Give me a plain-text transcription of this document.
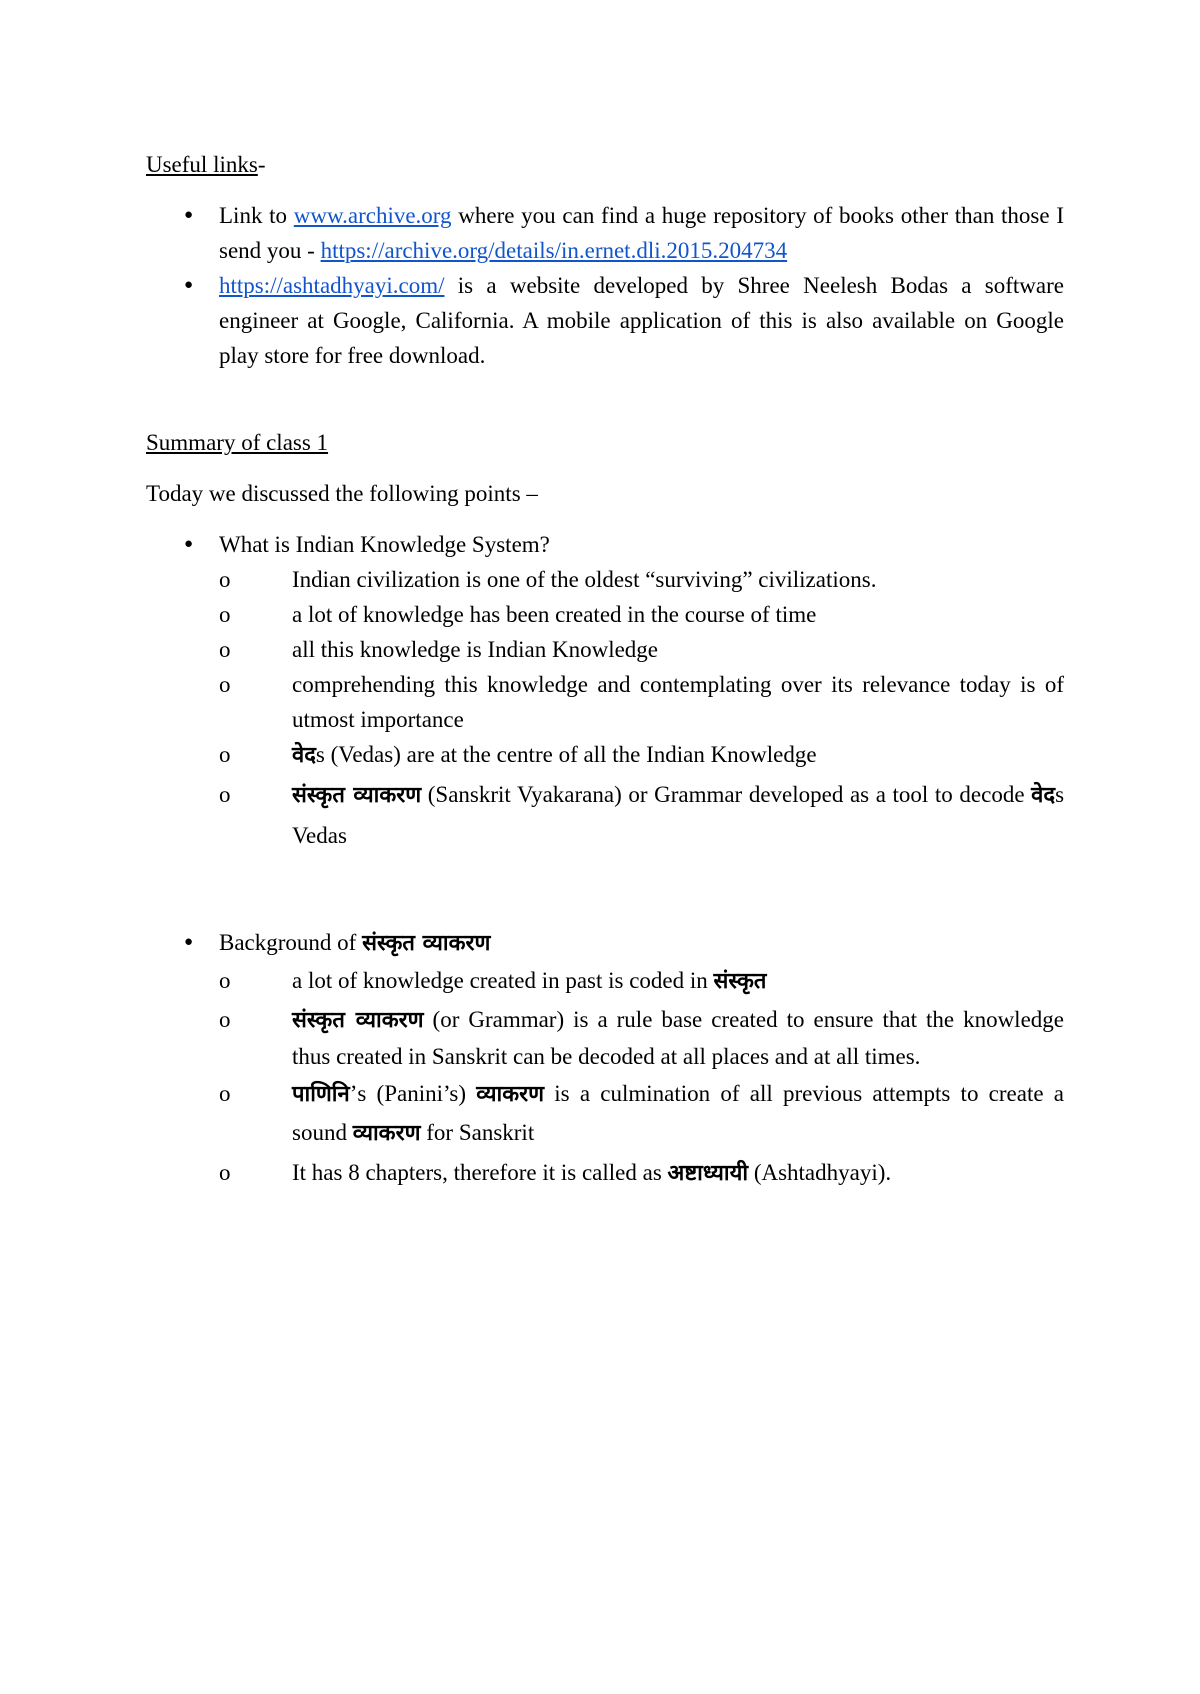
Useful links-

● Link to www.archive.org where you can find a huge repository of books other than those I send you - https://archive.org/details/in.ernet.dli.2015.204734
● https://ashtadhyayi.com/ is a website developed by Shree Neelesh Bodas a software engineer at Google, California. A mobile application of this is also available on Google play store for free download.

Summary of class 1

Today we discussed the following points –

● What is Indian Knowledge System?
o	Indian civilization is one of the oldest “surviving” civilizations.
o	a lot of knowledge has been created in the course of time
o	all this knowledge is Indian Knowledge
o	comprehending this knowledge and contemplating over its relevance today is of utmost importance
o	वेदs (Vedas) are at the centre of all the Indian Knowledge
o	संस्कृत व्याकरण (Sanskrit Vyakarana) or Grammar developed as a tool to decode वेदs Vedas
● Background of संस्कृत व्याकरण
o	a lot of knowledge created in past is coded in संस्कृत
o	संस्कृत व्याकरण (or Grammar) is a rule base created to ensure that the knowledge thus created in Sanskrit can be decoded at all places and at all times.
o	पाणिनि’s (Panini’s) व्याकरण is a culmination of all previous attempts to create a sound व्याकरण for Sanskrit
o	It has 8 chapters, therefore it is called as अष्टाध्यायी (Ashtadhyayi).
